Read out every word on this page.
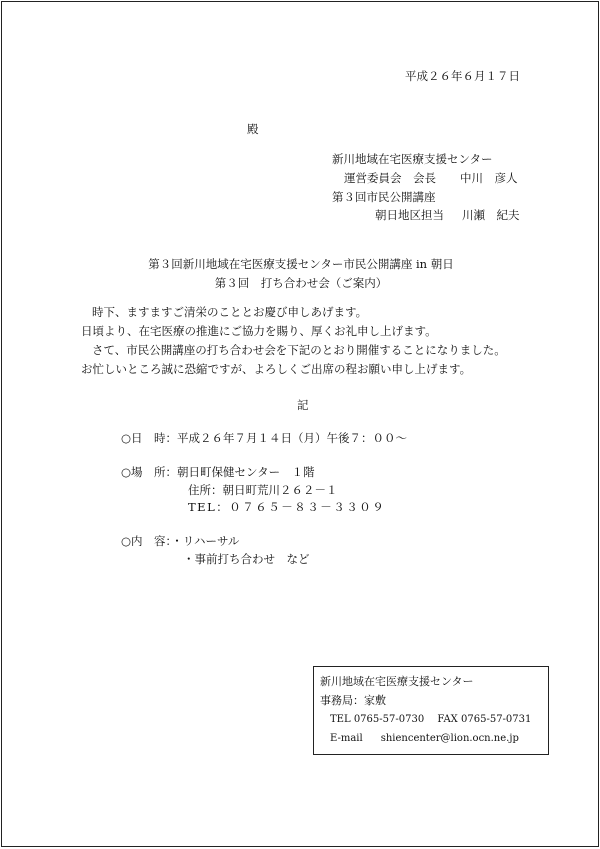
平成２６年６月１７日
殿
新川地域在宅医療支援センター
運営委員会　会長 中川　彦人
第３回市民公開講座
朝日地区担当 川瀬　紀夫
第３回新川地域在宅医療支援センター市民公開講座 in 朝日
第３回　打ち合わせ会（ご案内）
時下、ますますご清栄のこととお慶び申しあげます。
日頃より、在宅医療の推進にご協力を賜り、厚くお礼申し上げます。
さて、市民公開講座の打ち合わせ会を下記のとおり開催することになりました。
お忙しいところ誠に恐縮ですが、よろしくご出席の程お願い申し上げます。
記
○日　時：平成２６年７月１４日（月）午後７：００～
○場　所：朝日町保健センター　１階
住所：朝日町荒川２６２－１
TEL：０７６５－８３－３３０９
○内　容：・リハーサル
・事前打ち合わせ　など
新川地域在宅医療支援センター
事務局：家敷
TEL 0765-57-0730 FAX 0765-57-0731
E-mail shiencenter@lion.ocn.ne.jp
